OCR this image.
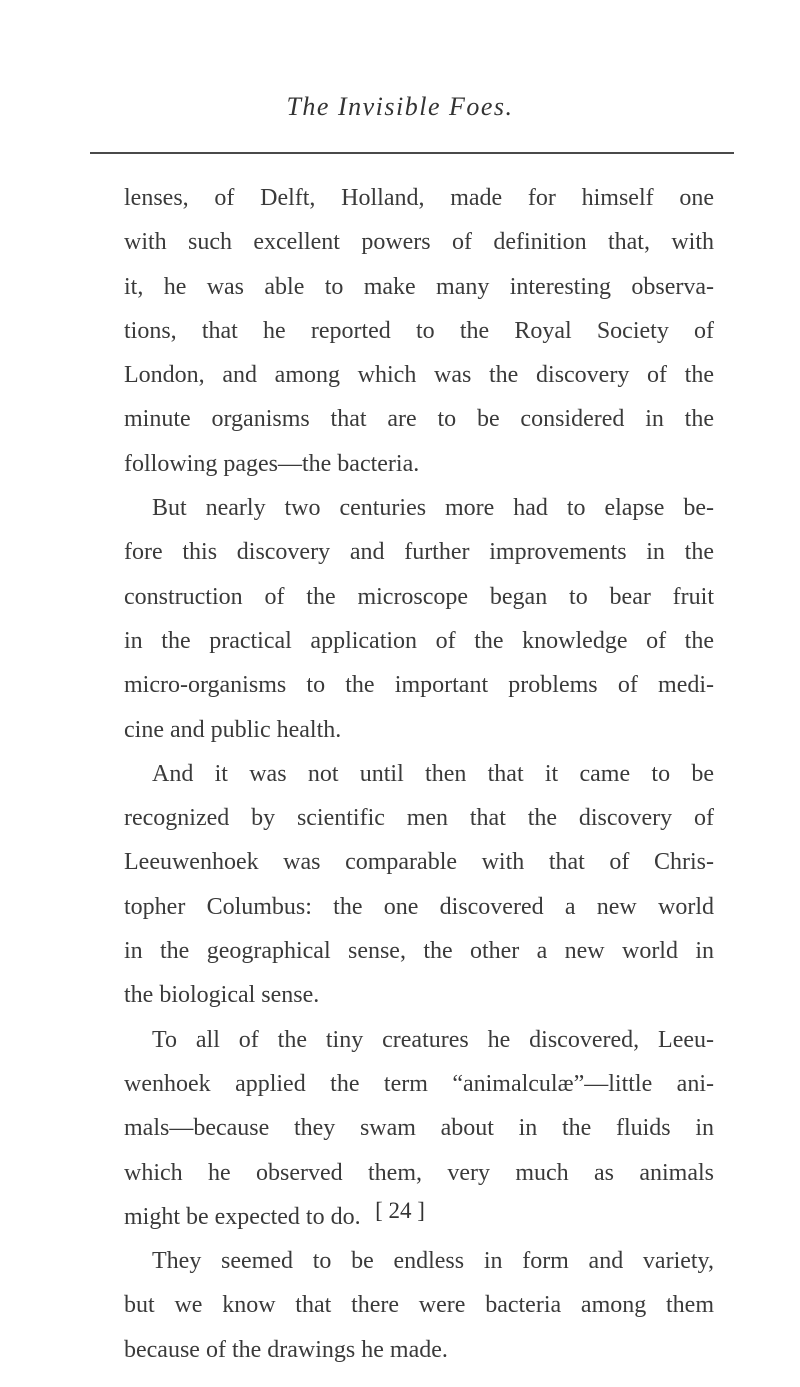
The Invisible Foes.
lenses, of Delft, Holland, made for himself one
with such excellent powers of definition that, with
it, he was able to make many interesting observa-
tions, that he reported to the Royal Society of
London, and among which was the discovery of the
minute organisms that are to be considered in the
following pages—the bacteria.
But nearly two centuries more had to elapse be-
fore this discovery and further improvements in the
construction of the microscope began to bear fruit
in the practical application of the knowledge of the
micro-organisms to the important problems of medi-
cine and public health.
And it was not until then that it came to be
recognized by scientific men that the discovery of
Leeuwenhoek was comparable with that of Chris-
topher Columbus: the one discovered a new world
in the geographical sense, the other a new world in
the biological sense.
To all of the tiny creatures he discovered, Leeu-
wenhoek applied the term “animalculæ”—little ani-
mals—because they swam about in the fluids in
which he observed them, very much as animals
might be expected to do.
They seemed to be endless in form and variety,
but we know that there were bacteria among them
because of the drawings he made.
[ 24 ]
